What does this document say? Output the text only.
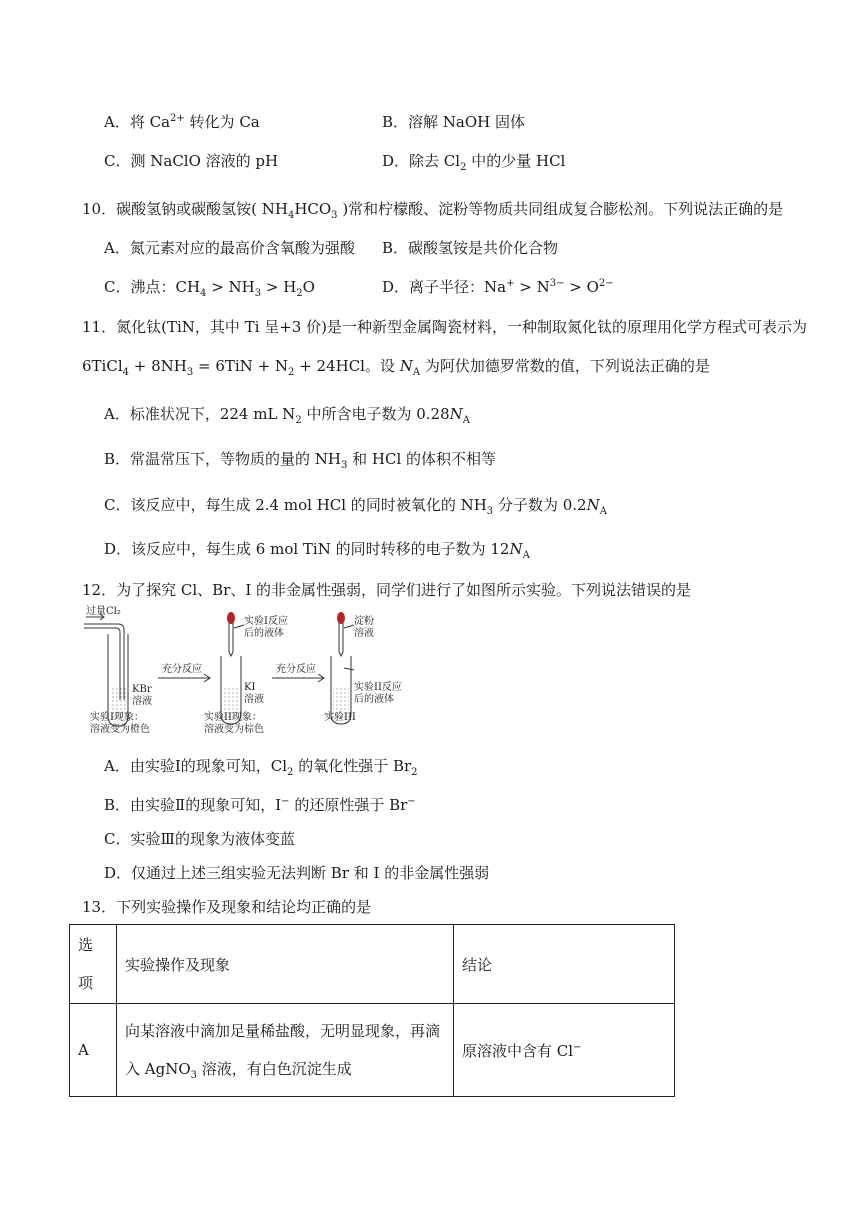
A．将 $Ca^{2+}$ 转化为 Ca	B．溶解 NaOH 固体
C．测 NaClO 溶液的 pH	D．除去 $Cl_2$ 中的少量 HCl
10．碳酸氢钠或碳酸氢铵( $NH_4HCO_3$ )常和柠檬酸、淀粉等物质共同组成复合膨松剂。下列说法正确的是
A．氮元素对应的最高价含氧酸为强酸 B．碳酸氢铵是共价化合物
C．沸点：$CH_4 > NH_3 > H_2O$	D．离子半径：$Na^+ > N^{3-} > O^{2-}$
11．氮化钛(TiN，其中 Ti 呈+3 价)是一种新型金属陶瓷材料，一种制取氮化钛的原理用化学方程式可表示为
6TiCl$_4$ + $8NH_3 = 6TiN + N_2 + 24HCl$。设 $N_A$ 为阿伏加德罗常数的值，下列说法正确的是
A．标准状况下，224 mL $N_2$ 中所含电子数为 $0.28N_A$
B．常温常压下，等物质的量的 $NH_3$ 和 HCl 的体积不相等
C．该反应中，每生成 2.4 mol HCl 的同时被氧化的 $NH_3$ 分子数为 $0.2N_A$
D．该反应中，每生成 6 mol TiN 的同时转移的电子数为 $12N_A$
12．为了探究 Cl、Br、I 的非金属性强弱，同学们进行了如图所示实验。下列说法错误的是
过量Cl₂
KBr
溶液
充分反应	充分反应
实验I反应
后的液体
KI
溶液
淀粉
溶液
实验II反应
后的液体
实验I现象：
溶液变为橙色
实验II现象：
溶液变为棕色
实验III
A．由实验Ⅰ的现象可知，$Cl_2$ 的氧化性强于 $Br_2$
B．由实验Ⅱ的现象可知，I− 的还原性强于 Br−
C．实验Ⅲ的现象为液体变蓝
D．仅通过上述三组实验无法判断 Br 和 I 的非金属性强弱
13．下列实验操作及现象和结论均正确的是
选
项	实验操作及现象	结论
A	向某溶液中滴加足量稀盐酸，无明显现象，再滴
入 AgNO$_3$ 溶液，有白色沉淀生成	原溶液中含有 Cl−
